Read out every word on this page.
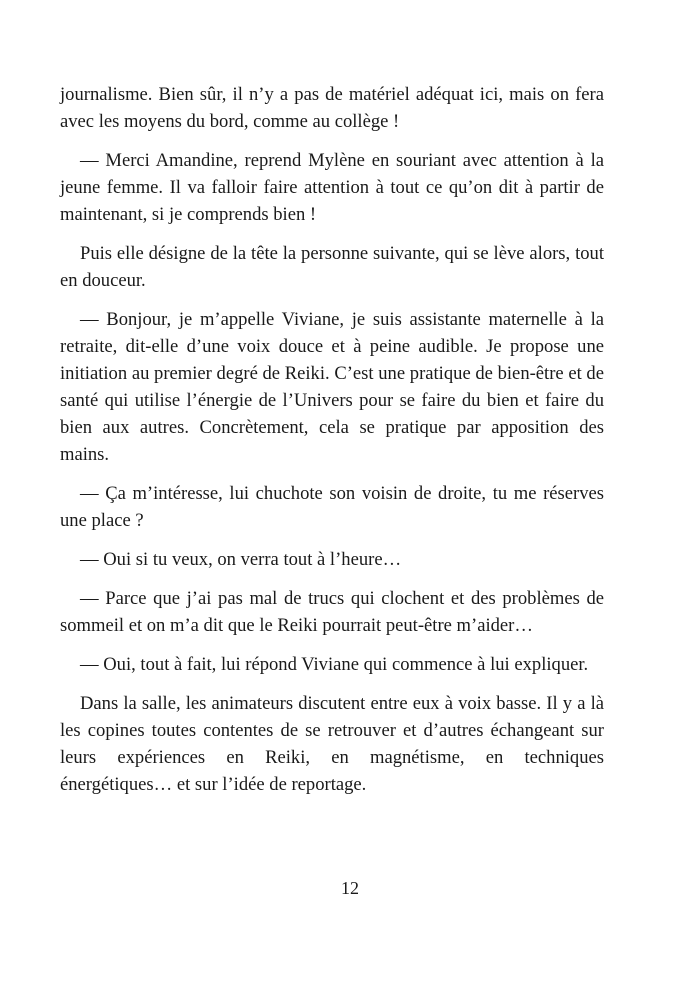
journalisme. Bien sûr, il n’y a pas de matériel adéquat ici, mais on fera avec les moyens du bord, comme au collège !

— Merci Amandine, reprend Mylène en souriant avec attention à la jeune femme. Il va falloir faire attention à tout ce qu’on dit à partir de maintenant, si je comprends bien !

Puis elle désigne de la tête la personne suivante, qui se lève alors, tout en douceur.

— Bonjour, je m’appelle Viviane, je suis assistante maternelle à la retraite, dit-elle d’une voix douce et à peine audible. Je propose une initiation au premier degré de Reiki. C’est une pratique de bien-être et de santé qui utilise l’énergie de l’Univers pour se faire du bien et faire du bien aux autres. Concrètement, cela se pratique par apposition des mains.

— Ça m’intéresse, lui chuchote son voisin de droite, tu me réserves une place ?

— Oui si tu veux, on verra tout à l’heure…

— Parce que j’ai pas mal de trucs qui clochent et des problèmes de sommeil et on m’a dit que le Reiki pourrait peut-être m’aider…

— Oui, tout à fait, lui répond Viviane qui commence à lui expliquer.

Dans la salle, les animateurs discutent entre eux à voix basse. Il y a là les copines toutes contentes de se retrouver et d’autres échangeant sur leurs expériences en Reiki, en magnétisme, en techniques énergétiques… et sur l’idée de reportage.

12
